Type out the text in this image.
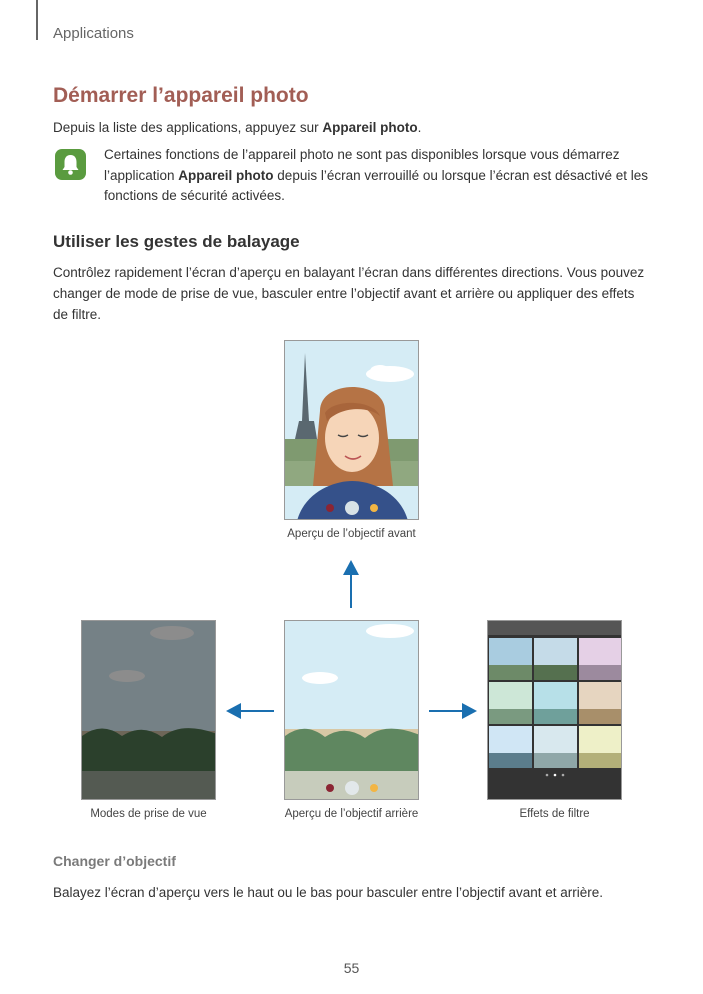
Applications
Démarrer l’appareil photo

Depuis la liste des applications, appuyez sur Appareil photo.

Certaines fonctions de l’appareil photo ne sont pas disponibles lorsque vous démarrez l’application Appareil photo depuis l’écran verrouillé ou lorsque l’écran est désactivé et les fonctions de sécurité activées.

Utiliser les gestes de balayage

Contrôlez rapidement l’écran d’aperçu en balayant l’écran dans différentes directions. Vous pouvez changer de mode de prise de vue, basculer entre l’objectif avant et arrière ou appliquer des effets de filtre.

Aperçu de l’objectif avant
Modes de prise de vue	Aperçu de l’objectif arrière	Effets de filtre
Changer d’objectif

Balayez l’écran d’aperçu vers le haut ou le bas pour basculer entre l’objectif avant et arrière.

55
